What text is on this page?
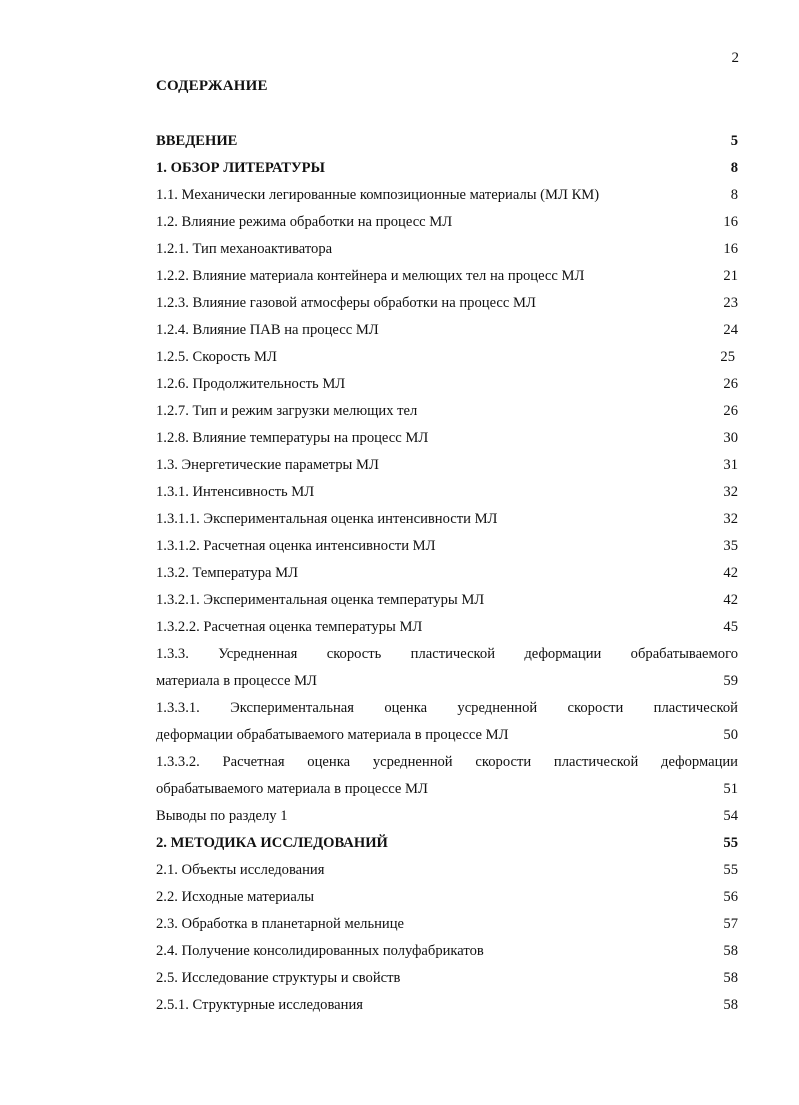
2
СОДЕРЖАНИЕ
ВВЕДЕНИЕ	5
1. ОБЗОР ЛИТЕРАТУРЫ	8
1.1. Механически легированные композиционные материалы (МЛ КМ)	8
1.2. Влияние режима обработки на процесс МЛ	16
1.2.1. Тип механоактиватора	16
1.2.2. Влияние материала контейнера и мелющих тел на процесс МЛ	21
1.2.3. Влияние газовой атмосферы обработки на процесс МЛ	23
1.2.4. Влияние ПАВ на процесс МЛ	24
1.2.5. Скорость МЛ	25
1.2.6. Продолжительность МЛ	26
1.2.7. Тип и режим загрузки мелющих тел	26
1.2.8. Влияние температуры на процесс МЛ	30
1.3. Энергетические параметры МЛ	31
1.3.1. Интенсивность МЛ	32
1.3.1.1. Экспериментальная оценка интенсивности МЛ	32
1.3.1.2. Расчетная оценка интенсивности МЛ	35
1.3.2. Температура МЛ	42
1.3.2.1. Экспериментальная оценка температуры МЛ	42
1.3.2.2. Расчетная оценка температуры МЛ	45
1.3.3. Усредненная скорость пластической деформации обрабатываемого
материала в процессе МЛ	59
1.3.3.1. Экспериментальная оценка усредненной скорости пластической
деформации обрабатываемого материала в процессе МЛ	50
1.3.3.2. Расчетная оценка усредненной скорости пластической деформации
обрабатываемого материала в процессе МЛ	51
Выводы по разделу 1	54
2. МЕТОДИКА ИССЛЕДОВАНИЙ	55
2.1. Объекты исследования	55
2.2. Исходные материалы	56
2.3. Обработка в планетарной мельнице	57
2.4. Получение консолидированных полуфабрикатов	58
2.5. Исследование структуры и свойств	58
2.5.1. Структурные исследования	58
